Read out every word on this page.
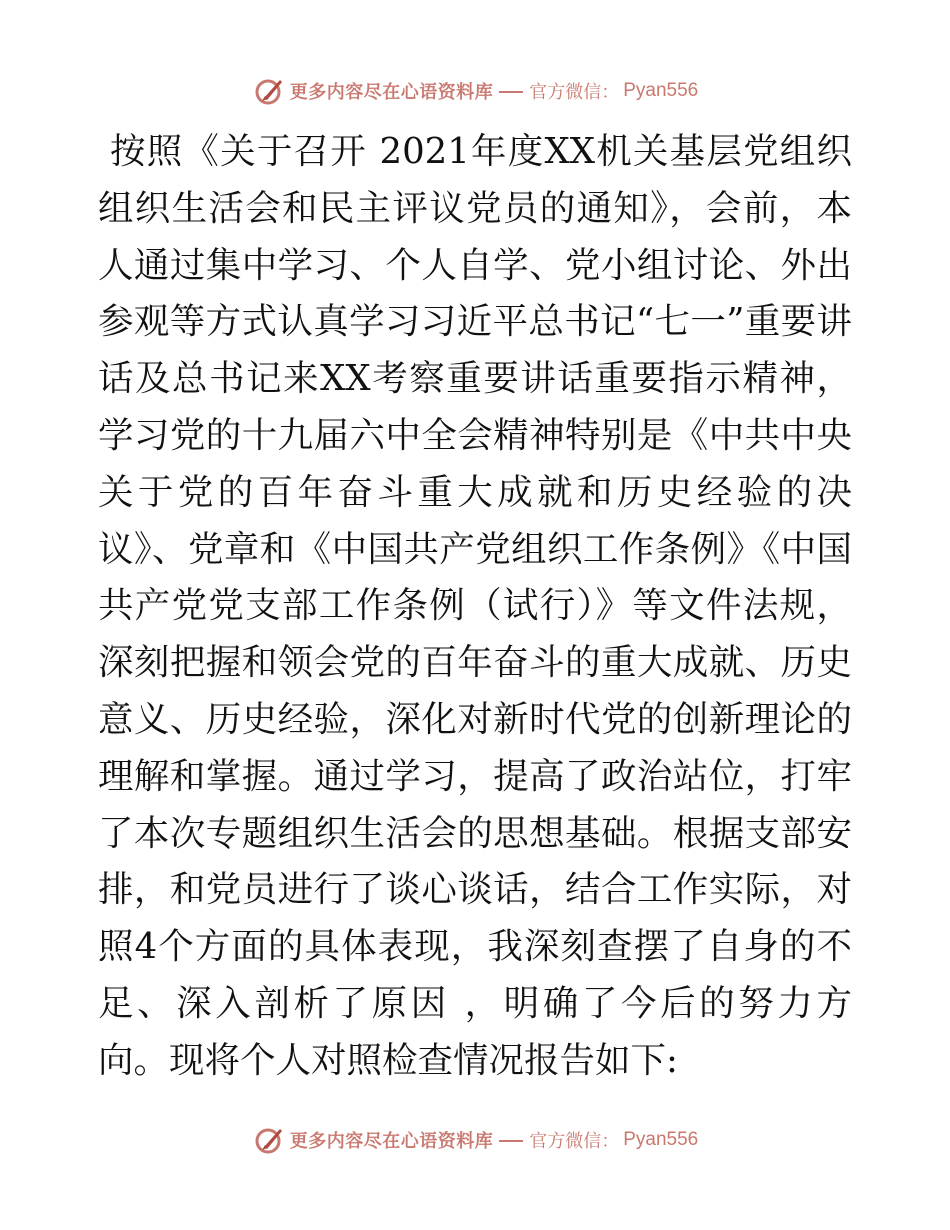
更多内容尽在心语资料库 官方微信： Pyan556

按照《关于召开 2021年度XX机关基层党组织组织生活会和民主评议党员的通知》，会前，本人通过集中学习、个人自学、党小组讨论、外出参观等方式认真学习习近平总书记“七一”重要讲话及总书记来XX考察重要讲话重要指示精神，学习党的十九届六中全会精神特别是《中共中央关于党的百年奋斗重大成就和历史经验的决议》、党章和《中国共产党组织工作条例》《中国共产党党支部工作条例（试行）》等文件法规，深刻把握和领会党的百年奋斗的重大成就、历史意义、历史经验，深化对新时代党的创新理论的理解和掌握。通过学习，提高了政治站位，打牢了本次专题组织生活会的思想基础。根据支部安排，和党员进行了谈心谈话，结合工作实际，对照4个方面的具体表现，我深刻查摆了自身的不足、深入剖析了原因 ，明确了今后的努力方向。现将个人对照检查情况报告如下:

更多内容尽在心语资料库 官方微信： Pyan556
